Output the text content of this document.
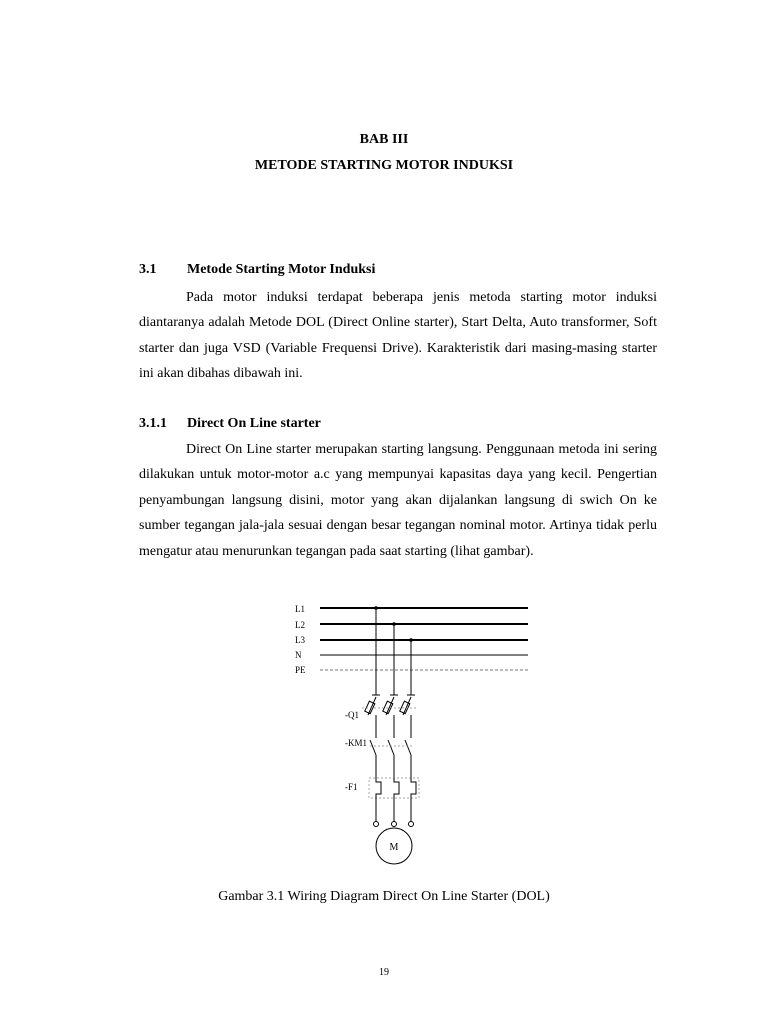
BAB III
METODE STARTING MOTOR INDUKSI
3.1 Metode Starting Motor Induksi

Pada motor induksi terdapat beberapa jenis metoda starting motor induksi diantaranya adalah Metode DOL (Direct Online starter), Start Delta, Auto transformer, Soft starter dan juga VSD (Variable Frequensi Drive). Karakteristik dari masing-masing starter ini akan dibahas dibawah ini.

3.1.1 Direct On Line starter

Direct On Line starter merupakan starting langsung. Penggunaan metoda ini sering dilakukan untuk motor-motor a.c yang mempunyai kapasitas daya yang kecil. Pengertian penyambungan langsung disini, motor yang akan dijalankan langsung di swich On ke sumber tegangan jala-jala sesuai dengan besar tegangan nominal motor. Artinya tidak perlu mengatur atau menurunkan tegangan pada saat starting (lihat gambar).

L1
L2
L3
N
PE
-Q1
-KM1
-F1
M
Gambar 3.1 Wiring Diagram Direct On Line Starter (DOL)
19
